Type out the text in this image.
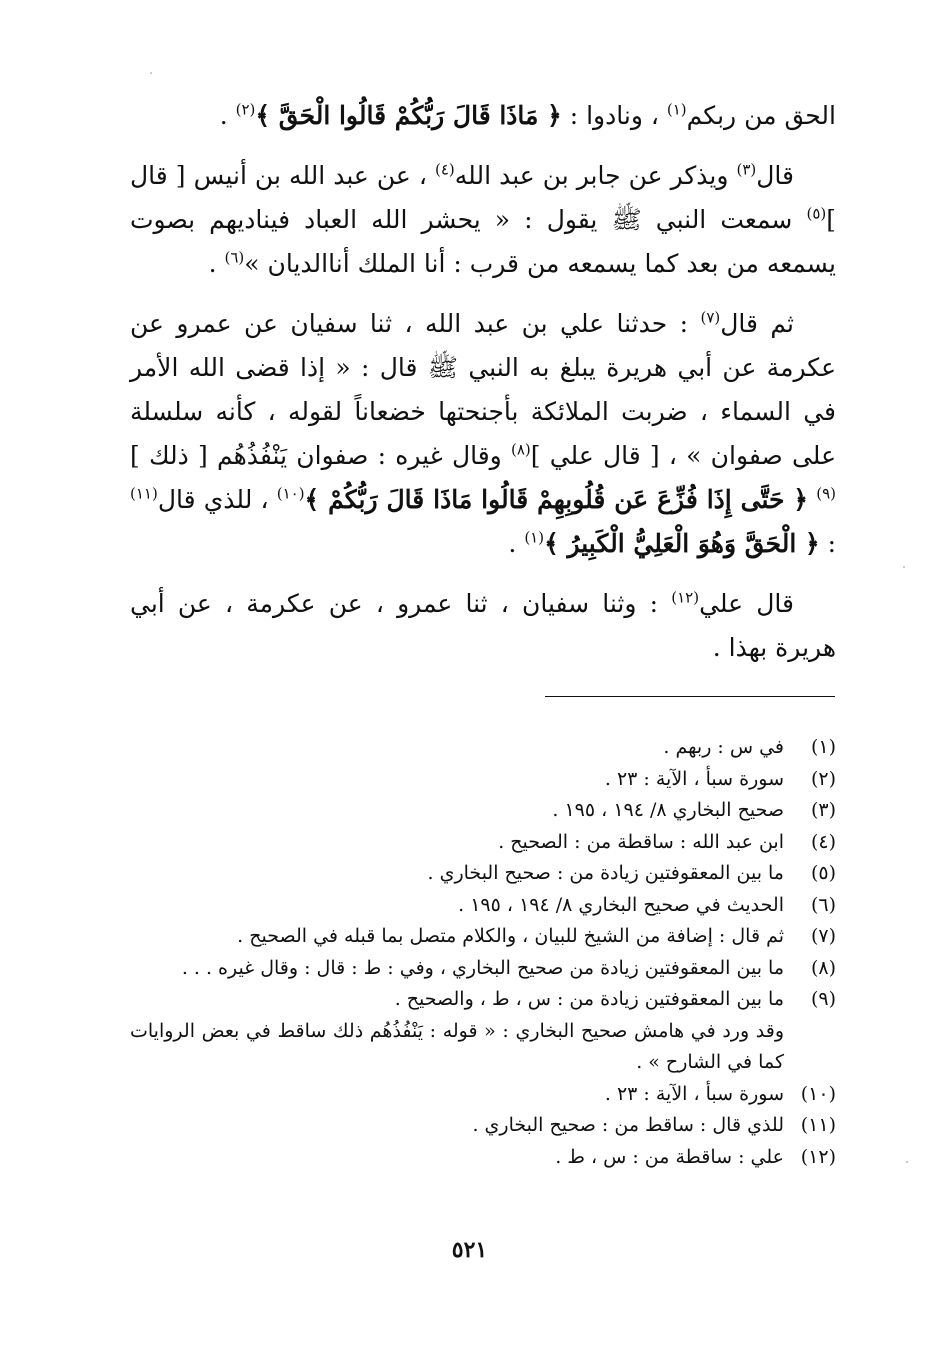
الحق من ربكم$^{(١)}$ ، ونادوا : ﴿ مَاذَا قَالَ رَبُّكُمْ قَالُوا الْحَقَّ ﴾$^{(٢)}$ .

قال$^{(٣)}$ ويذكر عن جابر بن عبد الله$^{(٤)}$ ، عن عبد الله بن أنيس [ قال ]$^{(٥)}$ سمعت النبي ﷺ يقول : « يحشر الله العباد فيناديهم بصوت يسمعه من بعد كما يسمعه من قرب : أنا الملك أناالديان »$^{(٦)}$ .

ثم قال$^{(٧)}$ : حدثنا علي بن عبد الله ، ثنا سفيان عن عمرو عن عكرمة عن أبي هريرة يبلغ به النبي ﷺ قال : « إذا قضى الله الأمر في السماء ، ضربت الملائكة بأجنحتها خضعاناً لقوله ، كأنه سلسلة على صفوان » ، [ قال علي ]$^{(٨)}$ وقال غيره : صفوان يَنْفُذُهُم [ ذلك ]$^{(٩)}$ ﴿ حَتَّى إِذَا فُزِّعَ عَن قُلُوبِهِمْ قَالُوا مَاذَا قَالَ رَبُّكُمْ ﴾$^{(١٠)}$ ، للذي قال$^{(١١)}$ : ﴿ الْحَقَّ وَهُوَ الْعَلِيُّ الْكَبِيرُ ﴾$^{(١)}$ .

قال علي$^{(١٢)}$ : وثنا سفيان ، ثنا عمرو ، عن عكرمة ، عن أبي هريرة بهذا .

(١)
في س : ربهم .
(٢)
سورة سبأ ، الآية : ٢٣ .
(٣)
صحيح البخاري ٨/ ١٩٤ ، ١٩٥ .
(٤)
ابن عبد الله : ساقطة من : الصحيح .
(٥)
ما بين المعقوفتين زيادة من : صحيح البخاري .
(٦)
الحديث في صحيح البخاري ٨/ ١٩٤ ، ١٩٥ .
(٧)
ثم قال : إضافة من الشيخ للبيان ، والكلام متصل بما قبله في الصحيح .
(٨)
ما بين المعقوفتين زيادة من صحيح البخاري ، وفي : ط : قال : وقال غيره . . .
(٩)
ما بين المعقوفتين زيادة من : س ، ط ، والصحيح .
وقد ورد في هامش صحيح البخاري : « قوله : يَنْفُذُهُم ذلك ساقط في بعض الروايات كما في الشارح » .
(١٠)
سورة سبأ ، الآية : ٢٣ .
(١١)
للذي قال : ساقط من : صحيح البخاري .
(١٢)
علي : ساقطة من : س ، ط .
٥٢١
